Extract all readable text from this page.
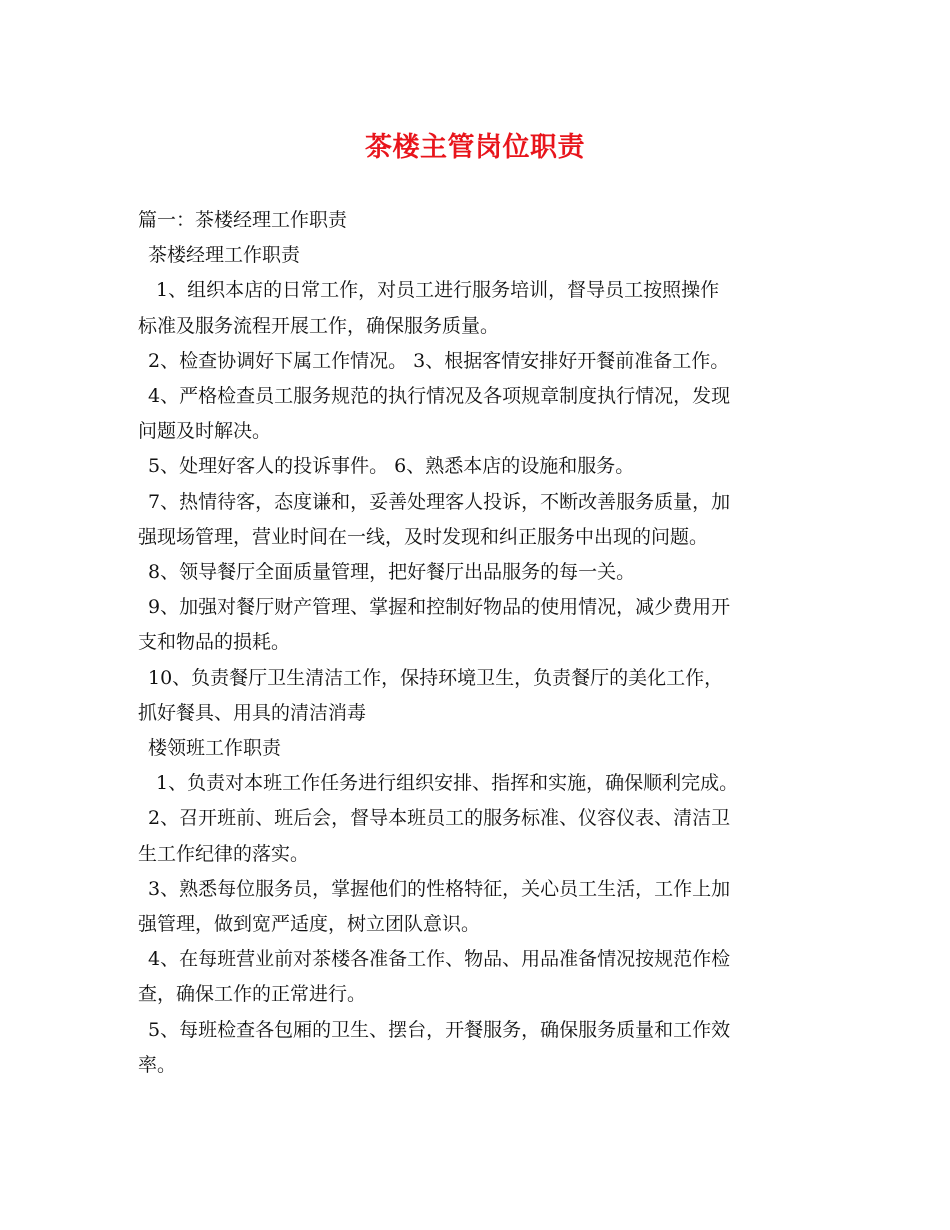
茶楼主管岗位职责
篇一：茶楼经理工作职责
茶楼经理工作职责
1、组织本店的日常工作，对员工进行服务培训，督导员工按照操作
标准及服务流程开展工作，确保服务质量。
2、检查协调好下属工作情况。 3、根据客情安排好开餐前准备工作。
4、严格检查员工服务规范的执行情况及各项规章制度执行情况，发现
问题及时解决。
5、处理好客人的投诉事件。 6、熟悉本店的设施和服务。
7、热情待客，态度谦和，妥善处理客人投诉，不断改善服务质量，加
强现场管理，营业时间在一线，及时发现和纠正服务中出现的问题。
8、领导餐厅全面质量管理，把好餐厅出品服务的每一关。
9、加强对餐厅财产管理、掌握和控制好物品的使用情况，减少费用开
支和物品的损耗。
10、负责餐厅卫生清洁工作，保持环境卫生，负责餐厅的美化工作，
抓好餐具、用具的清洁消毒
楼领班工作职责
1、负责对本班工作任务进行组织安排、指挥和实施，确保顺利完成。
2、召开班前、班后会，督导本班员工的服务标准、仪容仪表、清洁卫
生工作纪律的落实。
3、熟悉每位服务员，掌握他们的性格特征，关心员工生活，工作上加
强管理，做到宽严适度，树立团队意识。
4、在每班营业前对茶楼各准备工作、物品、用品准备情况按规范作检
查，确保工作的正常进行。
5、每班检查各包厢的卫生、摆台，开餐服务，确保服务质量和工作效
率。
